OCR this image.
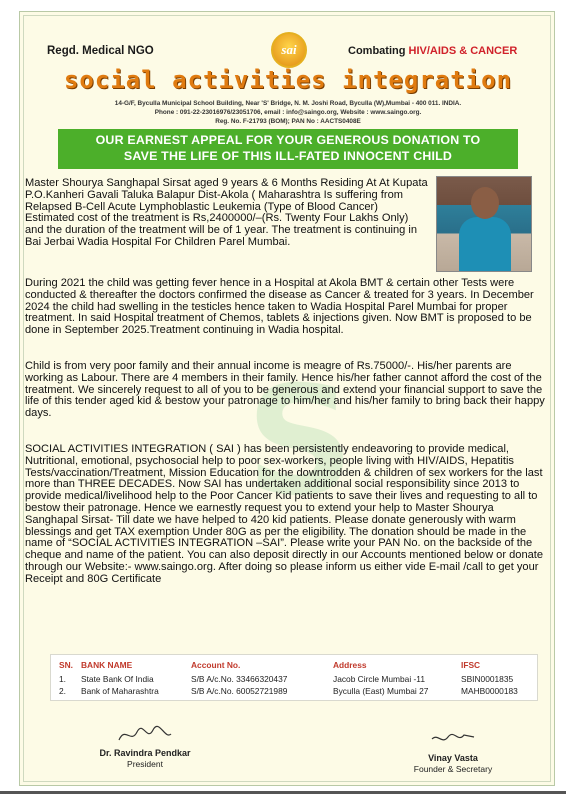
Regd. Medical NGO	Combating HIV/AIDS & CANCER
sai
social activities integration
14-G/F, Byculla Municipal School Building, Near 'S' Bridge, N. M. Joshi Road, Byculla (W),Mumbai - 400 011. INDIA.
Phone : 091-22-23016976/23051706, email : info@saingo.org, Website : www.saingo.org.
Reg. No. F-21793 (BOM); PAN No : AACTS0408E
OUR EARNEST APPEAL FOR YOUR GENEROUS DONATION TO
SAVE THE LIFE OF THIS ILL-FATED INNOCENT CHILD
S

Master Shourya Sanghapal Sirsat aged 9 years & 6 Months Residing At At Kupata P.O.Kanheri Gavali Taluka Balapur Dist-Akola ( Maharashtra Is suffering from Relapsed B-Cell Acute Lymphoblastic Leukemia (Type of Blood Cancer) Estimated cost of the treatment is Rs,2400000/–(Rs. Twenty Four Lakhs Only) and the duration of the treatment will be of 1 year. The treatment is continuing in Bai Jerbai Wadia Hospital For Children Parel Mumbai.

During 2021 the child was getting fever hence in a Hospital at Akola BMT & certain other Tests were conducted & thereafter the doctors confirmed the disease as Cancer & treated for 3 years. In December 2024 the child had swelling in the testicles hence taken to Wadia Hospital Parel Mumbai for proper treatment. In said Hospital treatment of Chemos, tablets & injections given. Now BMT is proposed to be done in September 2025.Treatment continuing in Wadia hospital.

Child is from very poor family and their annual income is meagre of Rs.75000/-. His/her parents are working as Labour. There are 4 members in their family. Hence his/her father cannot afford the cost of the treatment. We sincerely request to all of you to be generous and extend your financial support to save the life of this tender aged kid & bestow your patronage to him/her and his/her family to bring back their happy days.

SOCIAL ACTIVITIES INTEGRATION ( SAI ) has been persistently endeavoring to provide medical, Nutritional, emotional, psychosocial help to poor sex-workers, people living with HIV/AIDS, Hepatitis Tests/vaccination/Treatment, Mission Education for the downtrodden & children of sex workers for the last more than THREE DECADES. Now SAI has undertaken additional social responsibility since 2013 to provide medical/livelihood help to the Poor Cancer Kid patients to save their lives and requesting to all to bestow their patronage. Hence we earnestly request you to extend your help to Master Shourya Sanghapal Sirsat- Till date we have helped to 420 kid patients. Please donate generously with warm blessings and get TAX exemption Under 80G as per the eligibility. The donation should be made in the name of “SOCIAL ACTIVITIES INTEGRATION –SAI”. Please write your PAN No. on the backside of the cheque and name of the patient. You can also deposit directly in our Accounts mentioned below or donate through our Website:- www.saingo.org. After doing so please inform us either vide E-mail /call to get your Receipt and 80G Certificate

SN.	BANK NAME	Account No.	Address	IFSC
1.	State Bank Of India	S/B A/c.No. 33466320437	Jacob Circle Mumbai -11	SBIN0001835
2.	Bank of Maharashtra	S/B A/c.No. 60052721989	Byculla (East) Mumbai 27	MAHB0000183
Dr. Ravindra Pendkar
President
Vinay Vasta
Founder & Secretary
